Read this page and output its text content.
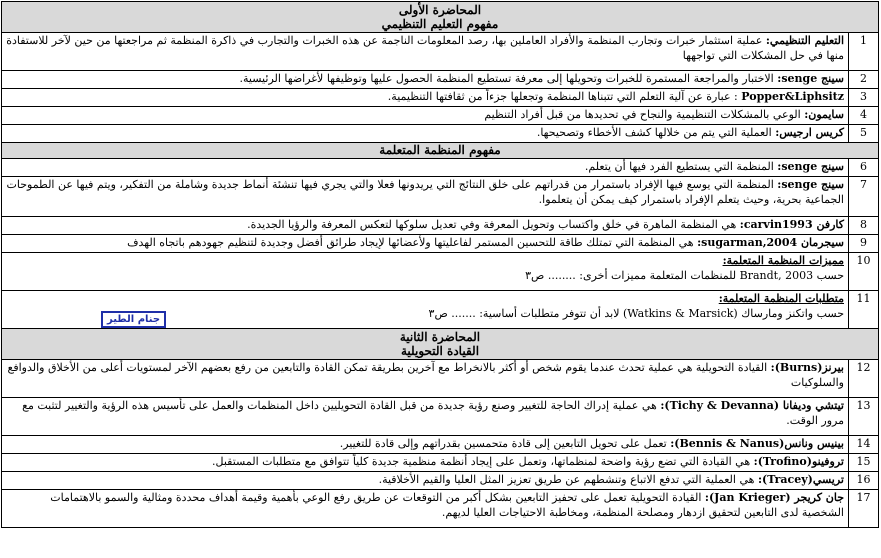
المحاضرة الأولى
مفهوم التعليم التنظيمي	

1	التعليم التنظيمي: عملية استثمار خبرات وتجارب المنظمة والأفراد العاملين بها، رصد المعلومات الناجمة عن هذه الخبرات والتجارب في ذاكرة المنظمة ثم مراجعتها من حين لآخر للاستفادة منها في حل المشكلات التي تواجهها
2	سينج senge: الاختبار والمراجعة المستمرة للخبرات وتحويلها إلى معرفة تستطيع المنظمة الحصول عليها وتوظيفها لأغراضها الرئيسية.
3	Popper&Liphsitz : عبارة عن آلية التعلم التي تتبناها المنظمة وتجعلها جزءاً من ثقافتها التنظيمية.
4	سايمون: الوعي بالمشكلات التنظيمية والنجاح في تحديدها من قبل أفراد التنظيم
5	كريس ارجيس: العملية التي يتم من خلالها كشف الأخطاء وتصحيحها.
مفهوم المنظمة المتعلمة	
6	سينج senge: المنظمة التي يستطيع الفرد فيها أن يتعلم.
7	سينج senge: المنظمة التي يوسع فيها الإفراد باستمرار من قدراتهم على خلق النتائج التي يريدونها فعلا والتي يجري فيها تنشئة أنماط جديدة وشاملة من التفكير، ويتم فيها عن الطموحات الجماعية بحرية، وحيث يتعلم الإفراد باستمرار كيف يمكن أن يتعلموا.
8	كارفن carvin1993: هي المنظمة الماهرة في خلق واكتساب وتحويل المعرفة وفي تعديل سلوكها لتعكس المعرفة والرؤيا الجديدة.
9	سيجرمان sugarman,2004: هي المنظمة التي تمتلك طاقة للتحسين المستمر لفاعليتها ولأعضائها لإيجاد طرائق أفضل وجديدة لتنظيم جهودهم باتجاه الهدف
10	مميزات المنظمة المتعلمة:
حسب Brandt, 2003 للمنظمات المتعلمة مميزات أخرى: ........ ص٣

11	متطلبات المنظمة المتعلمة:
حسب واتكنز ومارساك (Watkins & Marsick) لابد أن تتوفر متطلبات أساسية: ....... ص٣

المحاضرة الثانية
القيادة التحويلية	

12	بيرنز(Burns): القيادة التحويلية هي عملية تحدث عندما يقوم شخص أو أكثر بالانخراط مع آخرين بطريقة تمكن القادة والتابعين من رفع بعضهم الآخر لمستويات أعلى من الأخلاق والدوافع والسلوكيات
13	تيتشي وديفانا (Tichy & Devanna): هي عملية إدراك الحاجة للتغيير وصنع رؤية جديدة من قبل القادة التحويليين داخل المنظمات والعمل على تأسيس هذه الرؤية والتغيير لتثبت مع مرور الوقت.
14	بينيس ونانس(Bennis & Nanus): تعمل على تحويل التابعين إلى قادة متحمسين بقدراتهم وإلى قادة للتغيير.
15	تروفينو(Trofino): هي القيادة التي تضع رؤية واضحة لمنظماتها، وتعمل على إيجاد أنظمة منظمية جديدة كلياً تتوافق مع متطلبات المستقبل.
16	تريسي(Tracey): هي العملية التي تدفع الاتباع وتنشطهم عن طريق تعزيز المثل العليا والقيم الأخلاقية.
17	جان كريجر (Jan Krieger): القيادة التحويلية تعمل على تحفيز التابعين بشكل أكبر من التوقعات عن طريق رفع الوعي بأهمية وقيمة أهداف محددة ومثالية والسمو بالاهتمامات الشخصية لدى التابعين لتحقيق ازدهار ومصلحة المنظمة، ومخاطبة الاحتياجات العليا لديهم.
جنام الطير
